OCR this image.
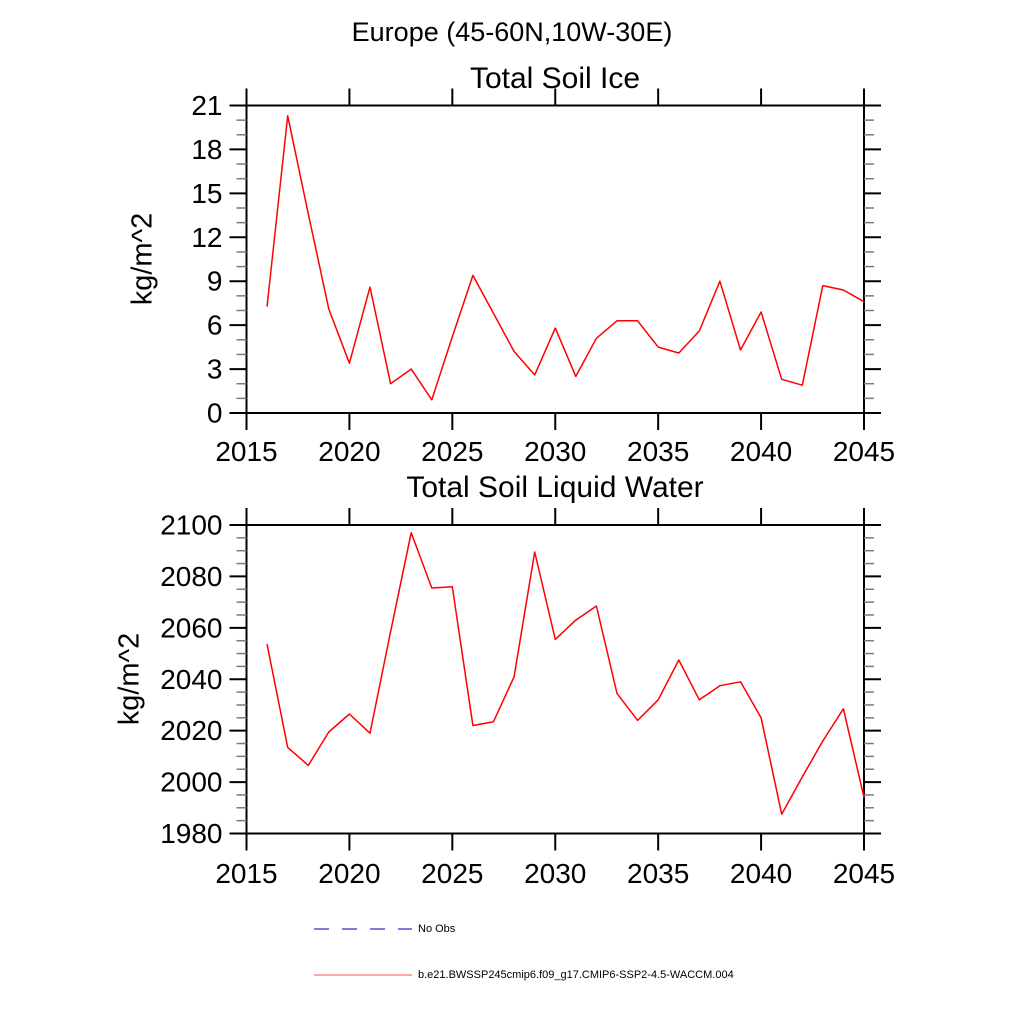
Europe (45-60N,10W-30E)
Total Soil Ice
Total Soil Liquid Water
kg/m^2
kg/m^2
2015 2020 2025 2030 2035 2040 2045
0
3
6
9
12
15
18
21
2015 2020 2025 2030 2035 2040 2045
1980
2000
2020
2040
2060
2080
2100
No Obs
b.e21.BWSSP245cmip6.f09_g17.CMIP6-SSP2-4.5-WACCM.004
